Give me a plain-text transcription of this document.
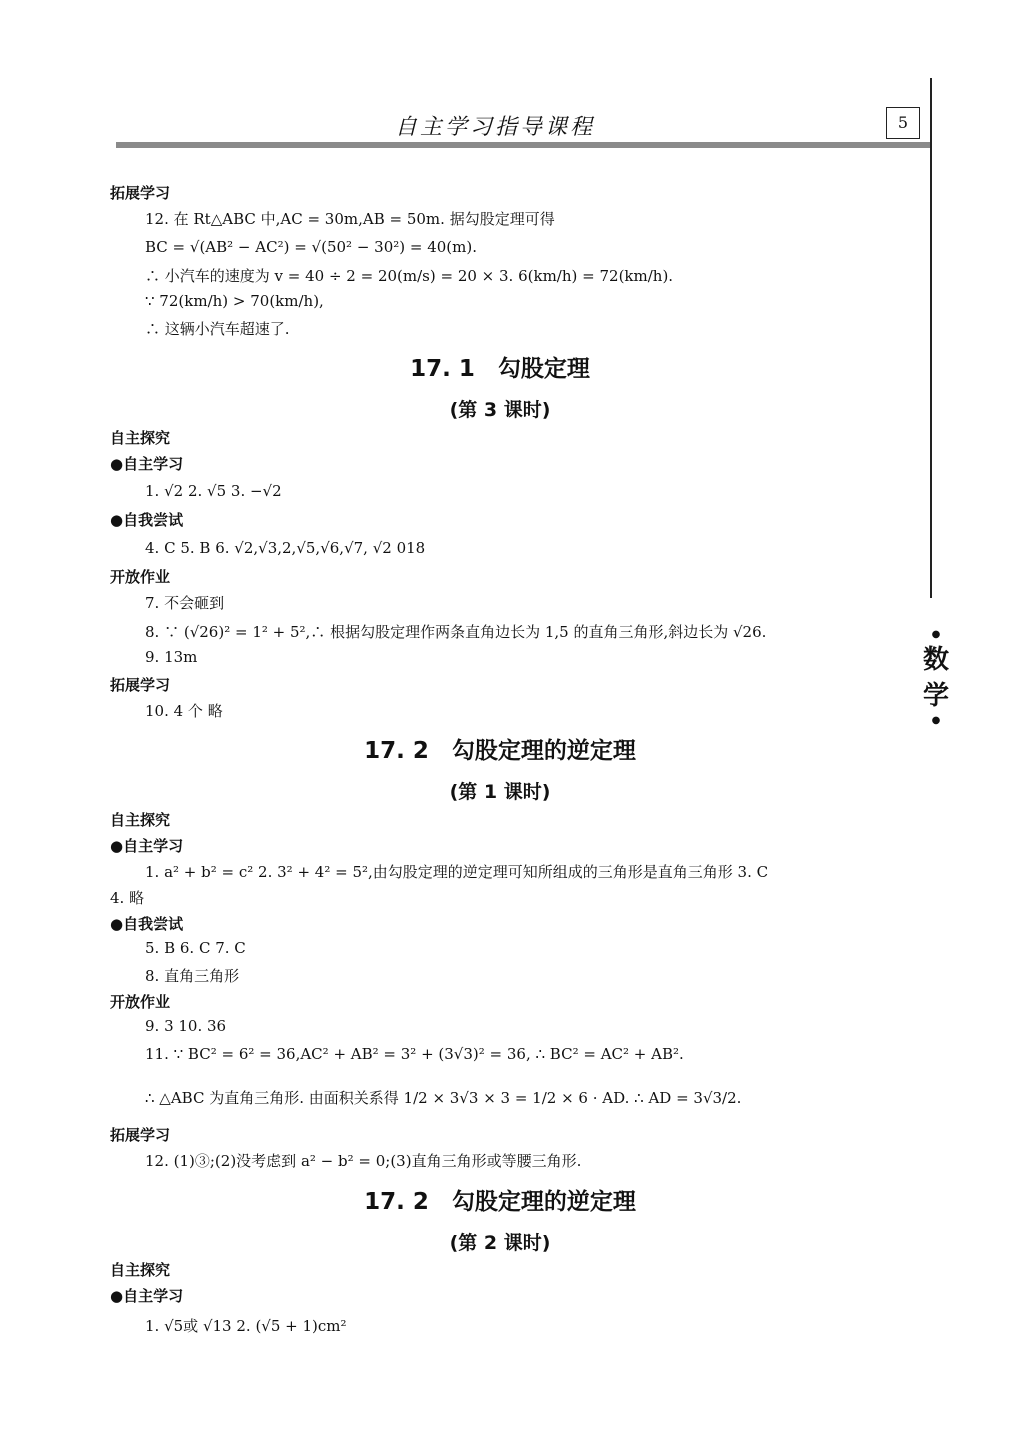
自主学习指导课程	5
●
数
学
●
拓展学习
12. 在 Rt△ABC 中,AC = 30m,AB = 50m. 据勾股定理可得
BC = √(AB² − AC²) = √(50² − 30²) = 40(m).
∴ 小汽车的速度为 v = 40 ÷ 2 = 20(m/s) = 20 × 3. 6(km/h) = 72(km/h).
∵ 72(km/h) > 70(km/h),
∴ 这辆小汽车超速了.
17. 1　勾股定理
(第 3 课时)
自主探究
●自主学习
1. √2 2. √5 3. −√2
●自我尝试
4. C 5. B 6. √2,√3,2,√5,√6,√7, √2 018
开放作业
7. 不会砸到
8. ∵ (√26)² = 1² + 5²,∴ 根据勾股定理作两条直角边长为 1,5 的直角三角形,斜边长为 √26.
9. 13m
拓展学习
10. 4 个 略
17. 2　勾股定理的逆定理
(第 1 课时)
自主探究
●自主学习
1. a² + b² = c² 2. 3² + 4² = 5²,由勾股定理的逆定理可知所组成的三角形是直角三角形 3. C
4. 略
●自我尝试
5. B 6. C 7. C
8. 直角三角形
开放作业
9. 3 10. 36
11. ∵ BC² = 6² = 36,AC² + AB² = 3² + (3√3)² = 36, ∴ BC² = AC² + AB².
∴ △ABC 为直角三角形. 由面积关系得 1/2 × 3√3 × 3 = 1/2 × 6 · AD. ∴ AD = 3√3/2.
拓展学习
12. (1)③;(2)没考虑到 a² − b² = 0;(3)直角三角形或等腰三角形.
17. 2　勾股定理的逆定理
(第 2 课时)
自主探究
●自主学习
1. √5或 √13 2. (√5 + 1)cm²
